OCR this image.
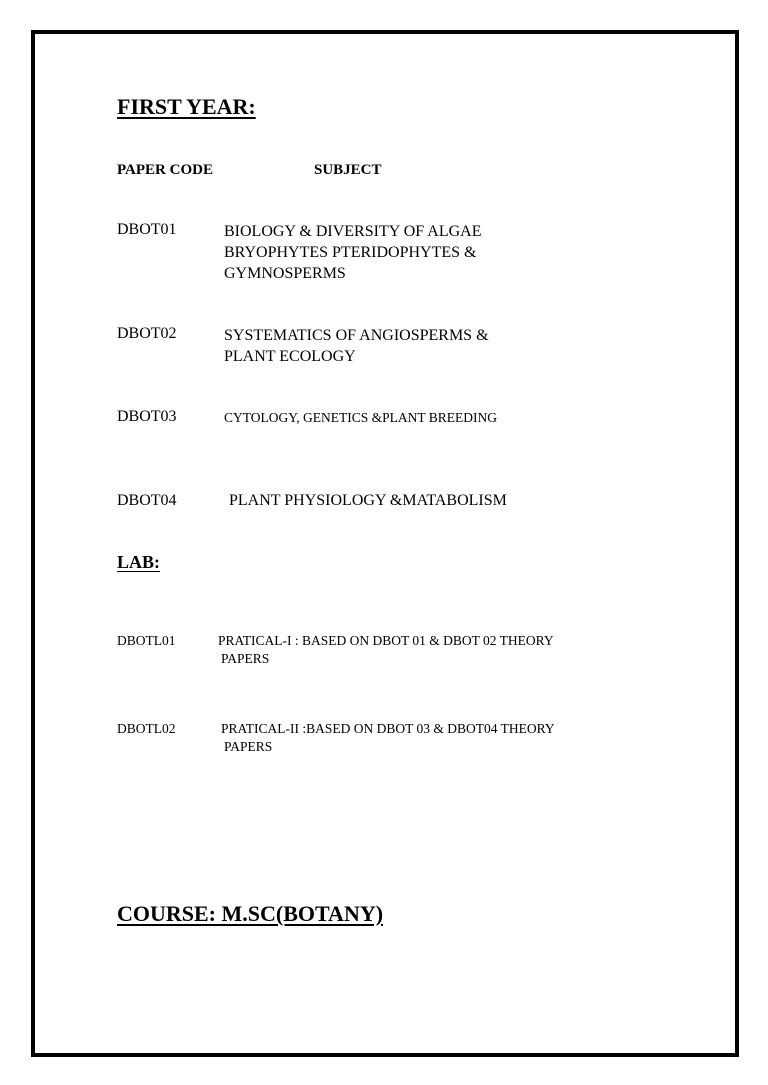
FIRST YEAR:
PAPER CODE	SUBJECT
DBOT01	BIOLOGY & DIVERSITY OF ALGAE
BRYOPHYTES PTERIDOPHYTES &
GYMNOSPERMS
DBOT02	SYSTEMATICS OF ANGIOSPERMS &
PLANT ECOLOGY
DBOT03	CYTOLOGY, GENETICS &PLANT BREEDING
DBOT04	PLANT PHYSIOLOGY &MATABOLISM
LAB:
DBOTL01	PRATICAL-I : BASED ON DBOT 01 & DBOT 02 THEORY
PAPERS
DBOTL02	PRATICAL-II :BASED ON DBOT 03 & DBOT04 THEORY
PAPERS
COURSE: M.SC(BOTANY)
